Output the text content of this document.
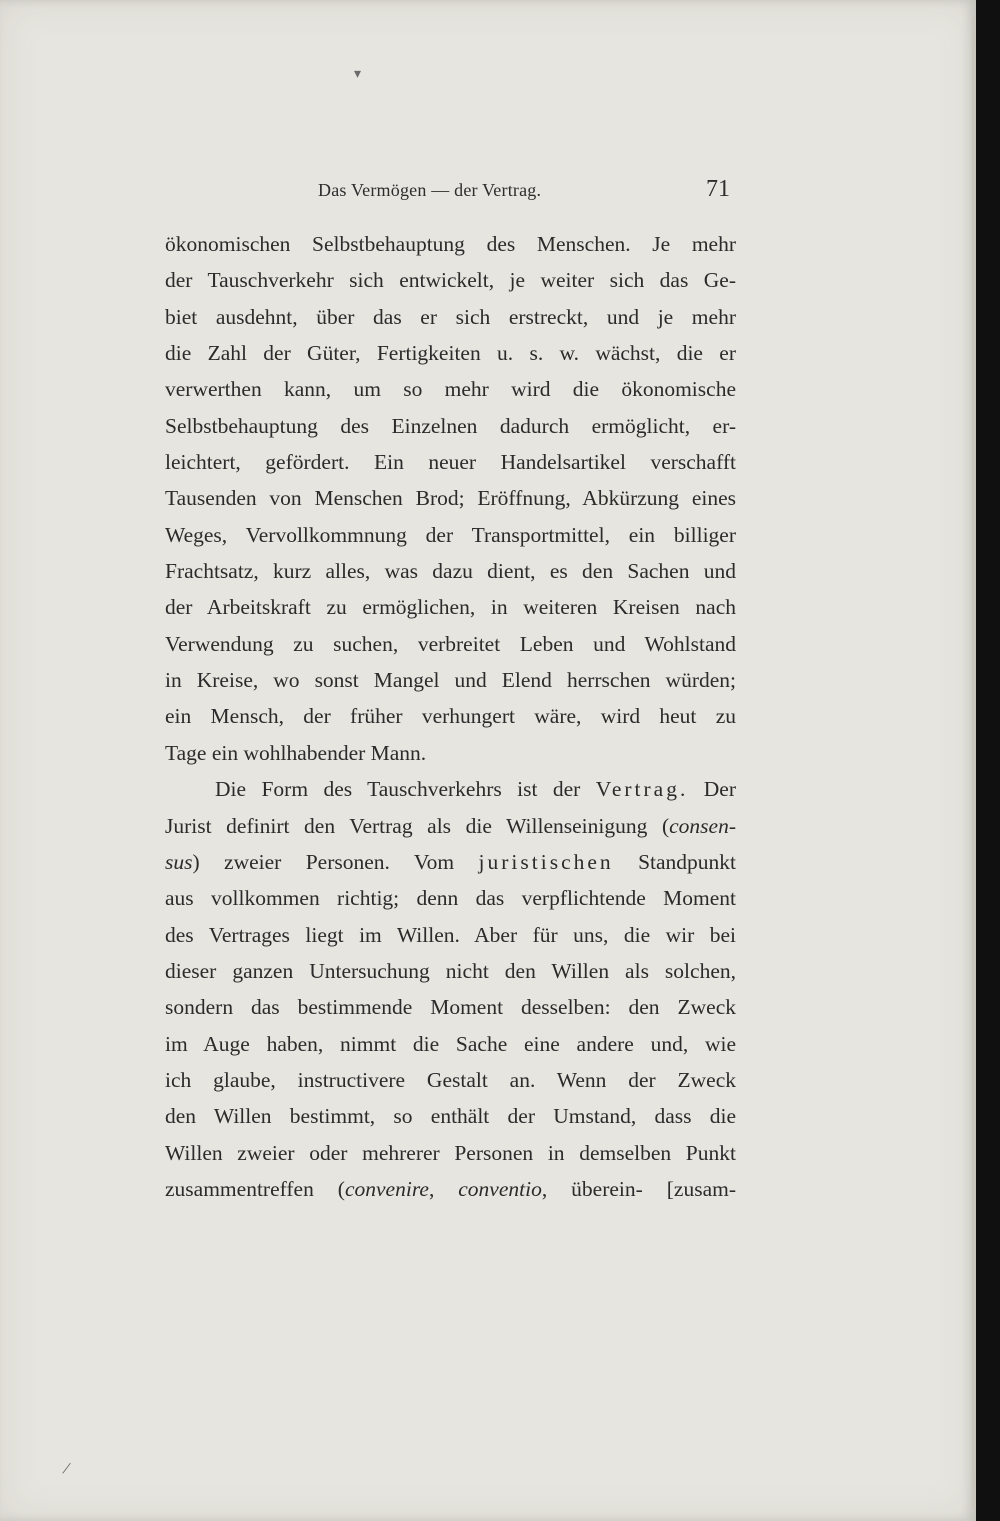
▾
Das Vermögen — der Vertrag.	71
ökonomischen Selbstbehauptung des Menschen. Je mehr
der Tauschverkehr sich entwickelt, je weiter sich das Ge-
biet ausdehnt, über das er sich erstreckt, und je mehr
die Zahl der Güter, Fertigkeiten u. s. w. wächst, die er
verwerthen kann, um so mehr wird die ökonomische
Selbstbehauptung des Einzelnen dadurch ermöglicht, er-
leichtert, gefördert. Ein neuer Handelsartikel verschafft
Tausenden von Menschen Brod; Eröffnung, Abkürzung eines
Weges, Vervollkommnung der Transportmittel, ein billiger
Frachtsatz, kurz alles, was dazu dient, es den Sachen und
der Arbeitskraft zu ermöglichen, in weiteren Kreisen nach
Verwendung zu suchen, verbreitet Leben und Wohlstand
in Kreise, wo sonst Mangel und Elend herrschen würden;
ein Mensch, der früher verhungert wäre, wird heut zu
Tage ein wohlhabender Mann.
Die Form des Tauschverkehrs ist der Vertrag. Der
Jurist definirt den Vertrag als die Willenseinigung (consen-
sus) zweier Personen. Vom juristischen Standpunkt
aus vollkommen richtig; denn das verpflichtende Moment
des Vertrages liegt im Willen. Aber für uns, die wir bei
dieser ganzen Untersuchung nicht den Willen als solchen,
sondern das bestimmende Moment desselben: den Zweck
im Auge haben, nimmt die Sache eine andere und, wie
ich glaube, instructivere Gestalt an. Wenn der Zweck
den Willen bestimmt, so enthält der Umstand, dass die
Willen zweier oder mehrerer Personen in demselben Punkt
zusammentreffen (convenire, conventio, überein- [zusam-
/
